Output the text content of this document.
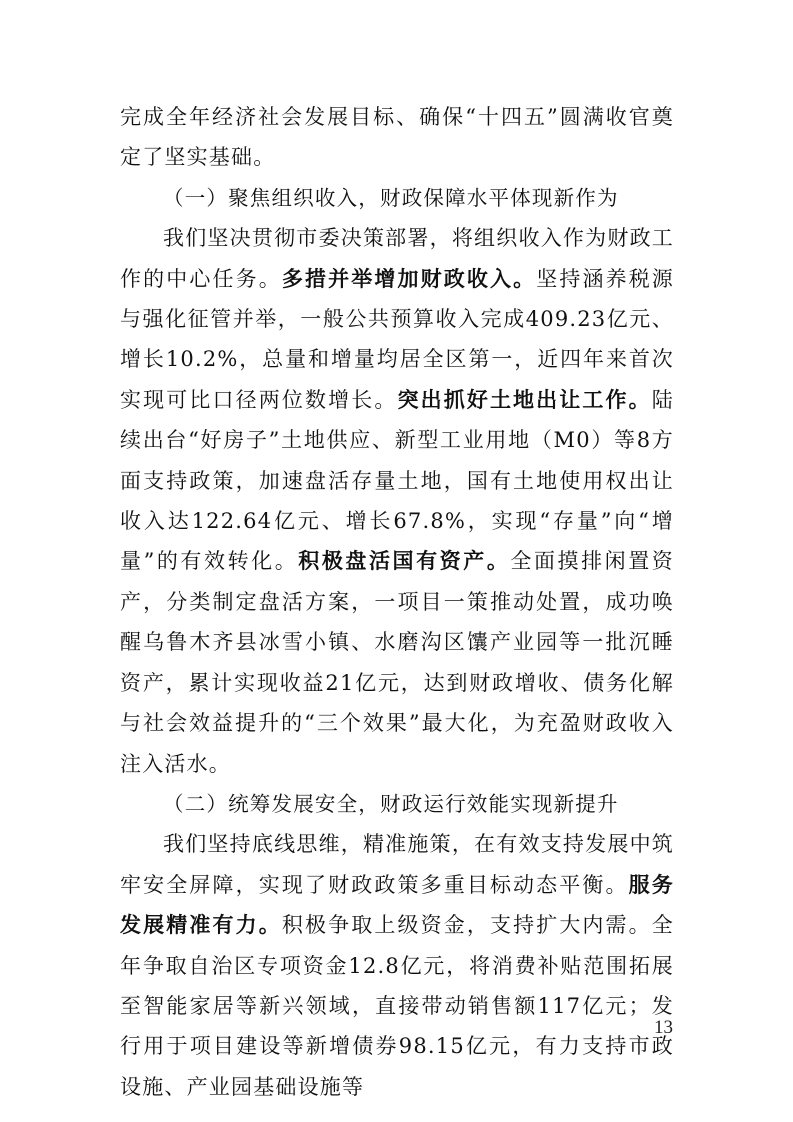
完成全年经济社会发展目标、确保“十四五”圆满收官奠定了坚实基础。

（一）聚焦组织收入，财政保障水平体现新作为

我们坚决贯彻市委决策部署，将组织收入作为财政工作的中心任务。多措并举增加财政收入。坚持涵养税源与强化征管并举，一般公共预算收入完成409.23亿元、增长10.2%，总量和增量均居全区第一，近四年来首次实现可比口径两位数增长。突出抓好土地出让工作。陆续出台“好房子”土地供应、新型工业用地（M0）等8方面支持政策，加速盘活存量土地，国有土地使用权出让收入达122.64亿元、增长67.8%，实现“存量”向“增量”的有效转化。积极盘活国有资产。全面摸排闲置资产，分类制定盘活方案，一项目一策推动处置，成功唤醒乌鲁木齐县冰雪小镇、水磨沟区馕产业园等一批沉睡资产，累计实现收益21亿元，达到财政增收、债务化解与社会效益提升的“三个效果”最大化，为充盈财政收入注入活水。

（二）统筹发展安全，财政运行效能实现新提升

我们坚持底线思维，精准施策，在有效支持发展中筑牢安全屏障，实现了财政政策多重目标动态平衡。服务发展精准有力。积极争取上级资金，支持扩大内需。全年争取自治区专项资金12.8亿元，将消费补贴范围拓展至智能家居等新兴领域，直接带动销售额117亿元；发行用于项目建设等新增债券98.15亿元，有力支持市政设施、产业园基础设施等

13
